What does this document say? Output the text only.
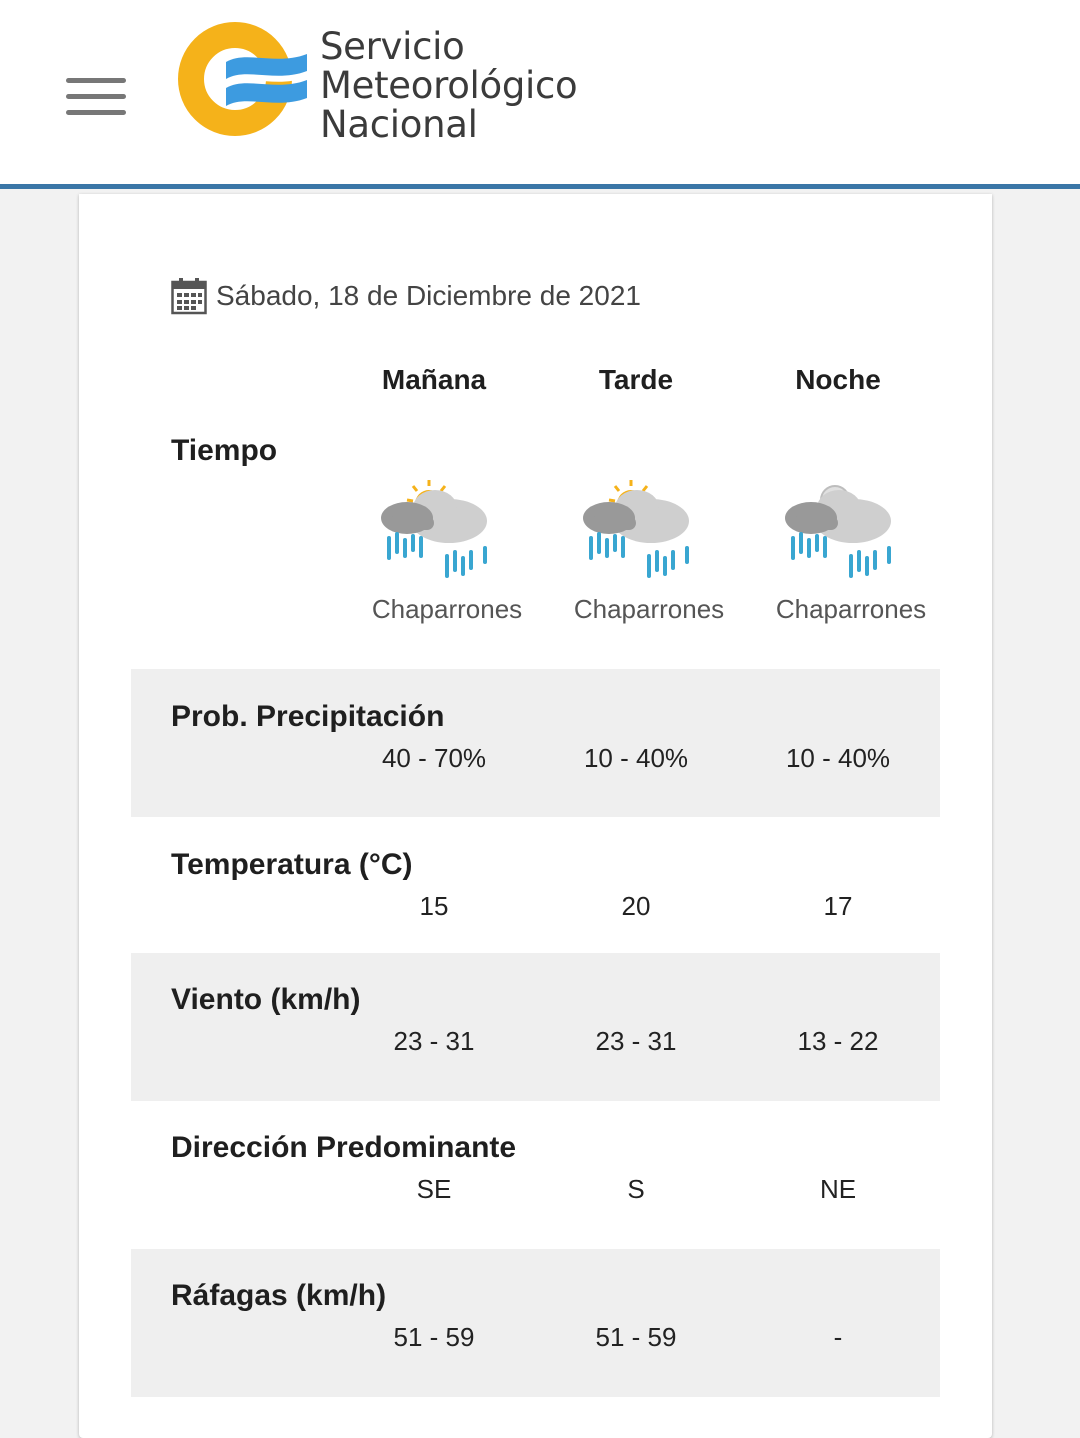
Servicio
Meteorológico
Nacional
Sábado, 18 de Diciembre de 2021
Mañana	Tarde	Noche
Tiempo
Chaparrones	Chaparrones	Chaparrones
Prob. Precipitación
40 - 70%	10 - 40%	10 - 40%
Temperatura (°C)
15	20	17
Viento (km/h)
23 - 31	23 - 31	13 - 22
Dirección Predominante
SE	S	NE
Ráfagas (km/h)
51 - 59	51 - 59	-
